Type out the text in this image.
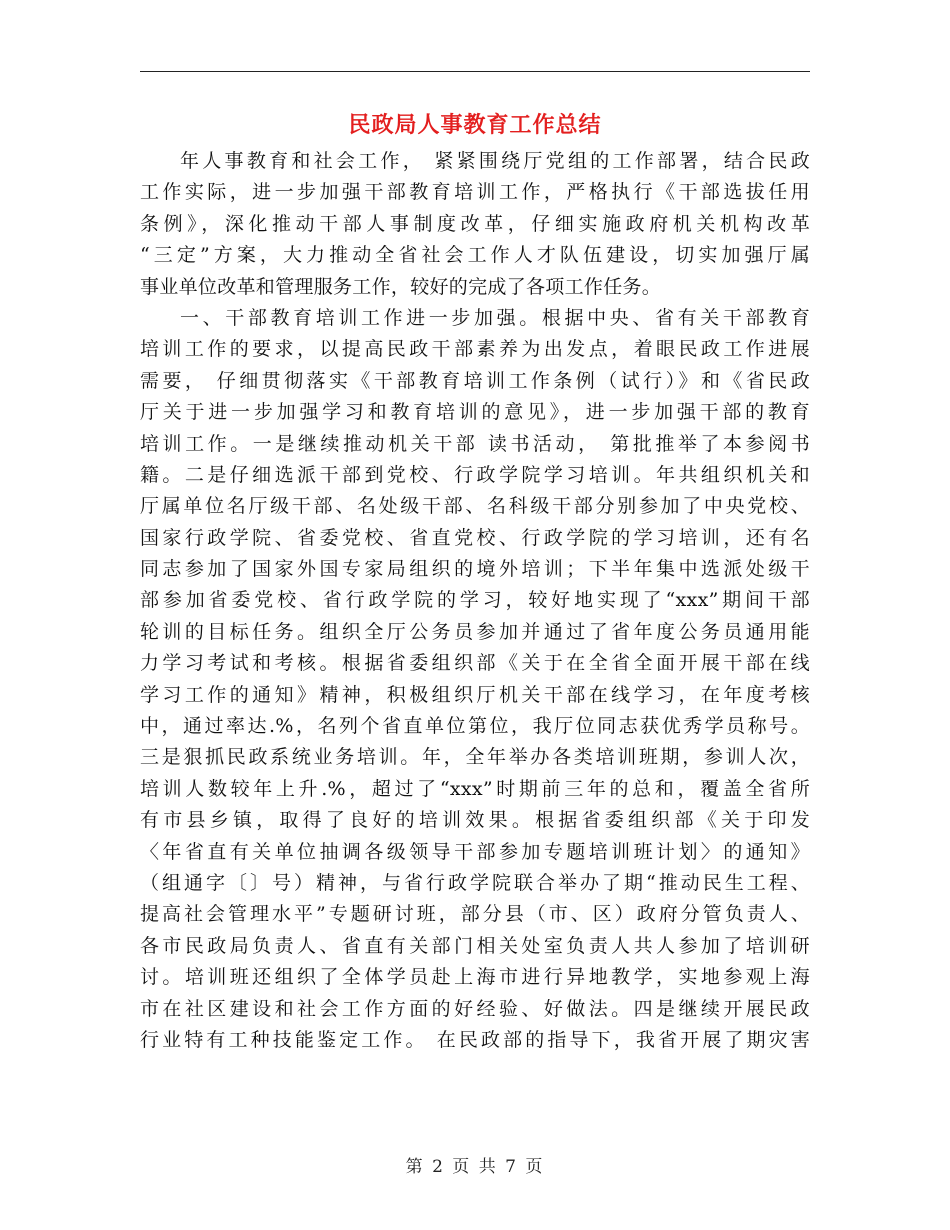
民政局人事教育工作总结
年人事教育和社会工作， 紧紧围绕厅党组的工作部署，结合民政
工作实际，进一步加强干部教育培训工作，严格执行《干部选拔任用
条例》，深化推动干部人事制度改革，仔细实施政府机关机构改革
“三定”方案，大力推动全省社会工作人才队伍建设，切实加强厅属
事业单位改革和管理服务工作，较好的完成了各项工作任务。
一、干部教育培训工作进一步加强。根据中央、省有关干部教育
培训工作的要求，以提高民政干部素养为出发点，着眼民政工作进展
需要， 仔细贯彻落实《干部教育培训工作条例（试行）》和《省民政
厅关于进一步加强学习和教育培训的意见》，进一步加强干部的教育
培训工作。一是继续推动机关干部 读书活动， 第批推举了本参阅书
籍。二是仔细选派干部到党校、行政学院学习培训。年共组织机关和
厅属单位名厅级干部、名处级干部、名科级干部分别参加了中央党校、
国家行政学院、省委党校、省直党校、行政学院的学习培训，还有名
同志参加了国家外国专家局组织的境外培训；下半年集中选派处级干
部参加省委党校、省行政学院的学习，较好地实现了“xxx”期间干部
轮训的目标任务。组织全厅公务员参加并通过了省年度公务员通用能
力学习考试和考核。根据省委组织部《关于在全省全面开展干部在线
学习工作的通知》精神，积极组织厅机关干部在线学习，在年度考核
中，通过率达.%，名列个省直单位第位，我厅位同志获优秀学员称号。
三是狠抓民政系统业务培训。年，全年举办各类培训班期，参训人次，
培训人数较年上升.%，超过了“xxx”时期前三年的总和，覆盖全省所
有市县乡镇，取得了良好的培训效果。根据省委组织部《关于印发
〈年省直有关单位抽调各级领导干部参加专题培训班计划〉的通知》
（组通字〔〕号）精神，与省行政学院联合举办了期“推动民生工程、
提高社会管理水平”专题研讨班，部分县（市、区）政府分管负责人、
各市民政局负责人、省直有关部门相关处室负责人共人参加了培训研
讨。培训班还组织了全体学员赴上海市进行异地教学，实地参观上海
市在社区建设和社会工作方面的好经验、好做法。四是继续开展民政
行业特有工种技能鉴定工作。 在民政部的指导下，我省开展了期灾害
第 2 页 共 7 页
